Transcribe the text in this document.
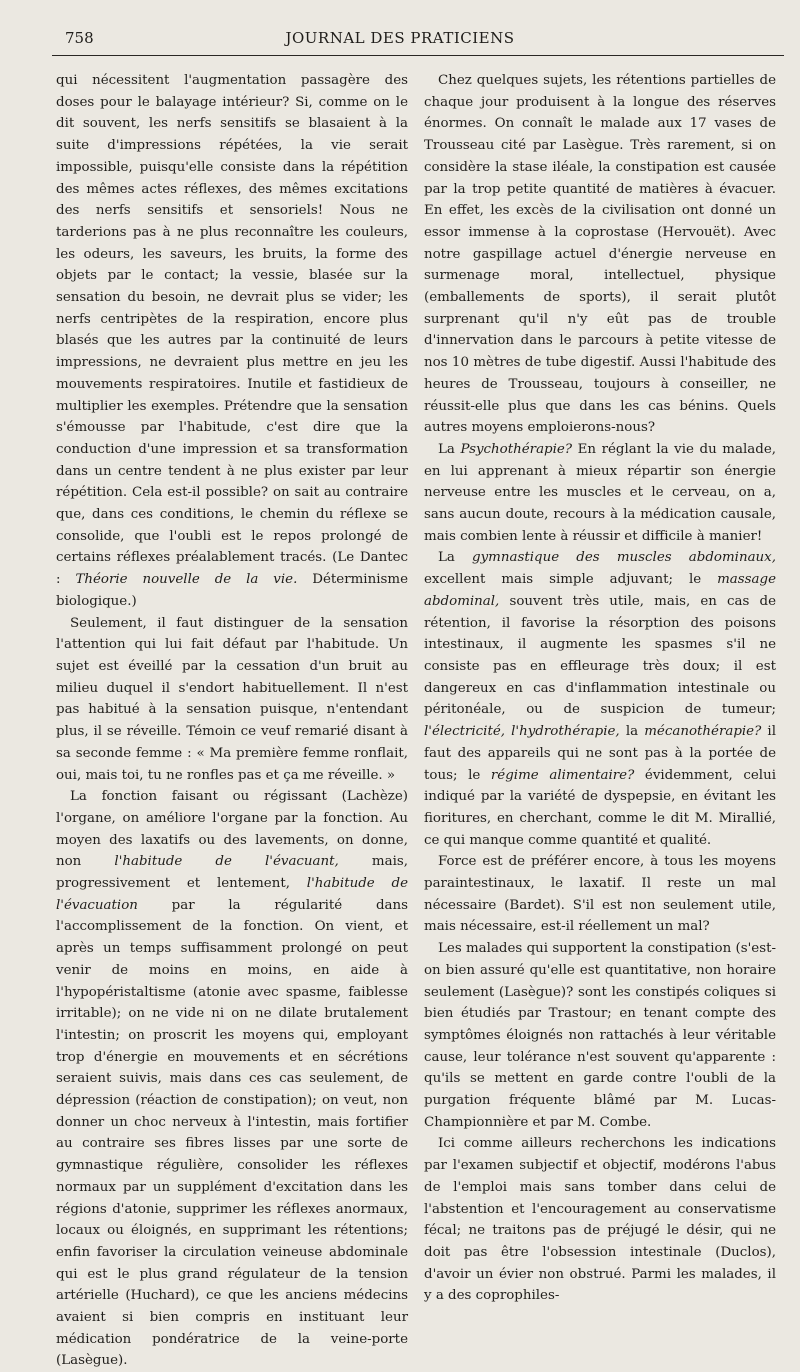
758	JOURNAL DES PRATICIENS

qui nécessitent l'augmentation passagère des doses pour le balayage intérieur? Si, comme on le dit souvent, les nerfs sensitifs se blasaient à la suite d'impressions répétées, la vie serait impossible, puisqu'elle consiste dans la répétition des mêmes actes réflexes, des mêmes excitations des nerfs sensitifs et sensoriels! Nous ne tarderions pas à ne plus reconnaître les couleurs, les odeurs, les saveurs, les bruits, la forme des objets par le contact; la vessie, blasée sur la sensation du besoin, ne devrait plus se vider; les nerfs centripètes de la respiration, encore plus blasés que les autres par la continuité de leurs impressions, ne devraient plus mettre en jeu les mouvements respiratoires. Inutile et fastidieux de multiplier les exemples. Prétendre que la sensation s'émousse par l'habitude, c'est dire que la conduction d'une impression et sa transformation dans un centre tendent à ne plus exister par leur répétition. Cela est-il possible? on sait au contraire que, dans ces conditions, le chemin du réflexe se consolide, que l'oubli est le repos prolongé de certains réflexes préalablement tracés. (Le Dantec : Théorie nouvelle de la vie. Déterminisme biologique.)

Seulement, il faut distinguer de la sensation l'attention qui lui fait défaut par l'habitude. Un sujet est éveillé par la cessation d'un bruit au milieu duquel il s'endort habituellement. Il n'est pas habitué à la sensation puisque, n'entendant plus, il se réveille. Témoin ce veuf remarié disant à sa seconde femme : « Ma première femme ronflait, oui, mais toi, tu ne ronfles pas et ça me réveille. »

La fonction faisant ou régissant (Lachèze) l'organe, on améliore l'organe par la fonction. Au moyen des laxatifs ou des lavements, on donne, non l'habitude de l'évacuant, mais, progressivement et lentement, l'habitude de l'évacuation par la régularité dans l'accomplissement de la fonction. On vient, et après un temps suffisamment prolongé on peut venir de moins en moins, en aide à l'hypopéristaltisme (atonie avec spasme, faiblesse irritable); on ne vide ni on ne dilate brutalement l'intestin; on proscrit les moyens qui, employant trop d'énergie en mouvements et en sécrétions seraient suivis, mais dans ces cas seulement, de dépression (réaction de constipation); on veut, non donner un choc nerveux à l'intestin, mais fortifier au contraire ses fibres lisses par une sorte de gymnastique régulière, consolider les réflexes normaux par un supplément d'excitation dans les régions d'atonie, supprimer les réflexes anormaux, locaux ou éloignés, en supprimant les rétentions; enfin favoriser la circulation veineuse abdominale qui est le plus grand régulateur de la tension artérielle (Huchard), ce que les anciens médecins avaient si bien compris en instituant leur médication pondératrice de la veine-porte (Lasègue).

Chez quelques sujets, les rétentions partielles de chaque jour produisent à la longue des réserves énormes. On connaît le malade aux 17 vases de Trousseau cité par Lasègue. Très rarement, si on considère la stase iléale, la constipation est causée par la trop petite quantité de matières à évacuer. En effet, les excès de la civilisation ont donné un essor immense à la coprostase (Hervouët). Avec notre gaspillage actuel d'énergie nerveuse en surmenage moral, intellectuel, physique (emballements de sports), il serait plutôt surprenant qu'il n'y eût pas de trouble d'innervation dans le parcours à petite vitesse de nos 10 mètres de tube digestif. Aussi l'habitude des heures de Trousseau, toujours à conseiller, ne réussit-elle plus que dans les cas bénins. Quels autres moyens emploierons-nous?

La Psychothérapie? En réglant la vie du malade, en lui apprenant à mieux répartir son énergie nerveuse entre les muscles et le cerveau, on a, sans aucun doute, recours à la médication causale, mais combien lente à réussir et difficile à manier!

La gymnastique des muscles abdominaux, excellent mais simple adjuvant; le massage abdominal, souvent très utile, mais, en cas de rétention, il favorise la résorption des poisons intestinaux, il augmente les spasmes s'il ne consiste pas en effleurage très doux; il est dangereux en cas d'inflammation intestinale ou péritonéale, ou de suspicion de tumeur; l'électricité, l'hydrothérapie, la mécanothérapie? il faut des appareils qui ne sont pas à la portée de tous; le régime alimentaire? évidemment, celui indiqué par la variété de dyspepsie, en évitant les fioritures, en cherchant, comme le dit M. Mirallié, ce qui manque comme quantité et qualité.

Force est de préférer encore, à tous les moyens paraintestinaux, le laxatif. Il reste un mal nécessaire (Bardet). S'il est non seulement utile, mais nécessaire, est-il réellement un mal?

Les malades qui supportent la constipation (s'est-on bien assuré qu'elle est quantitative, non horaire seulement (Lasègue)? sont les constipés coliques si bien étudiés par Trastour; en tenant compte des symptômes éloignés non rattachés à leur véritable cause, leur tolérance n'est souvent qu'apparente : qu'ils se mettent en garde contre l'oubli de la purgation fréquente blâmé par M. Lucas-Championnière et par M. Combe.

Ici comme ailleurs recherchons les indications par l'examen subjectif et objectif, modérons l'abus de l'emploi mais sans tomber dans celui de l'abstention et l'encouragement au conservatisme fécal; ne traitons pas de préjugé le désir, qui ne doit pas être l'obsession intestinale (Duclos), d'avoir un évier non obstrué. Parmi les malades, il y a des coprophiles-
